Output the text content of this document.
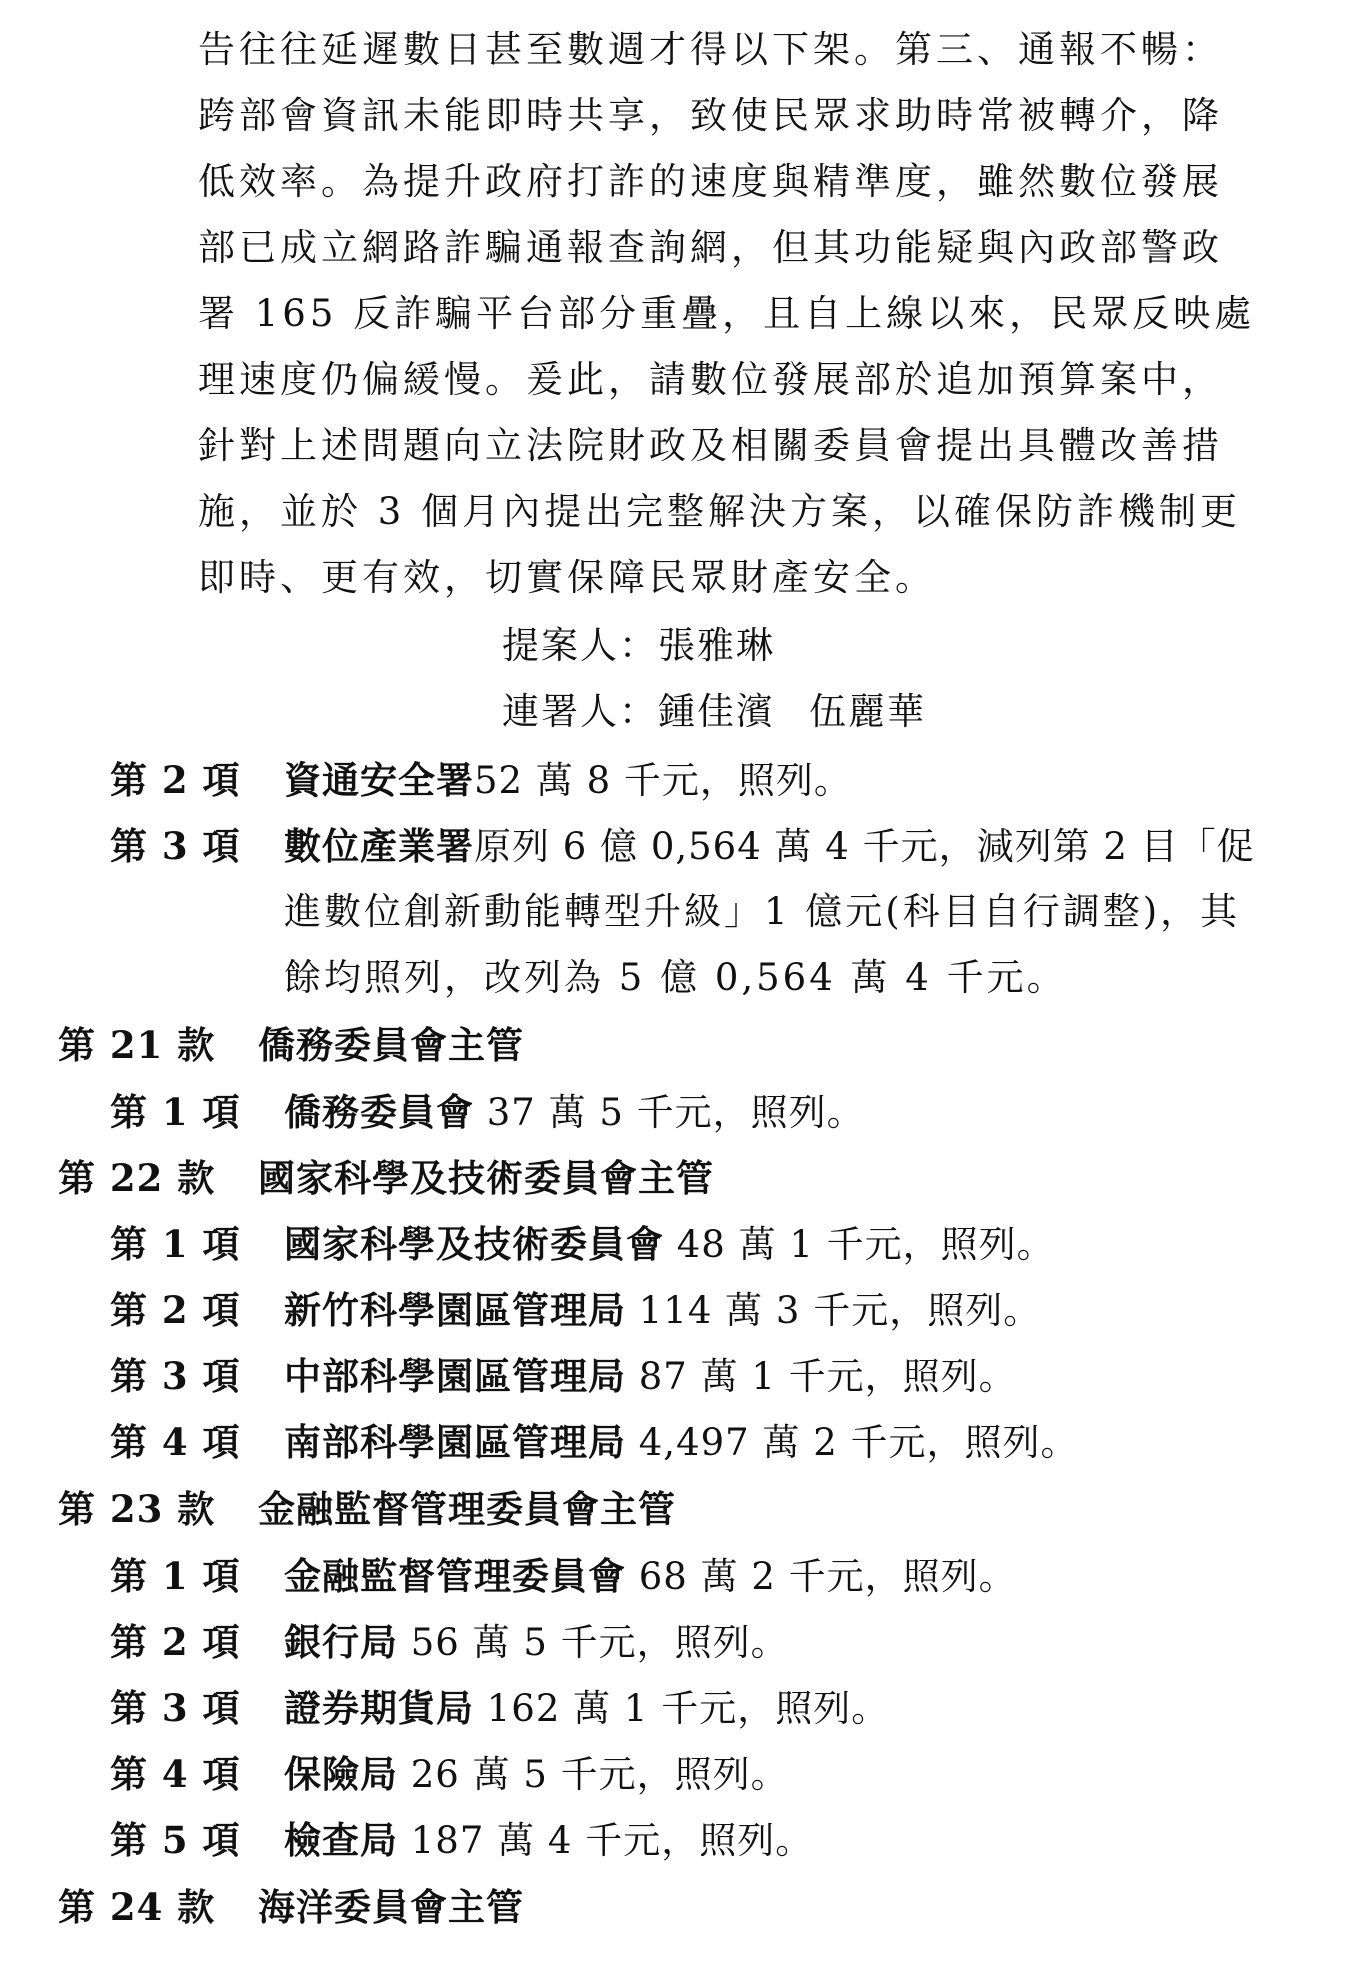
告往往延遲數日甚至數週才得以下架。第三、通報不暢：
跨部會資訊未能即時共享，致使民眾求助時常被轉介，降
低效率。為提升政府打詐的速度與精準度，雖然數位發展
部已成立網路詐騙通報查詢網，但其功能疑與內政部警政
署 165 反詐騙平台部分重疊，且自上線以來，民眾反映處
理速度仍偏緩慢。爰此，請數位發展部於追加預算案中，
針對上述問題向立法院財政及相關委員會提出具體改善措
施，並於 3 個月內提出完整解決方案，以確保防詐機制更
即時、更有效，切實保障民眾財產安全。
提案人：張雅琳
連署人：鍾佳濱 伍麗華
第 2 項 資通安全署52 萬 8 千元，照列。
第 3 項 數位產業署原列 6 億 0,564 萬 4 千元，減列第 2 目「促
進數位創新動能轉型升級」1 億元(科目自行調整)，其
餘均照列，改列為 5 億 0,564 萬 4 千元。
第 21 款 僑務委員會主管
第 1 項 僑務委員會 37 萬 5 千元，照列。
第 22 款 國家科學及技術委員會主管
第 1 項 國家科學及技術委員會 48 萬 1 千元，照列。
第 2 項 新竹科學園區管理局 114 萬 3 千元，照列。
第 3 項 中部科學園區管理局 87 萬 1 千元，照列。
第 4 項 南部科學園區管理局 4,497 萬 2 千元，照列。
第 23 款 金融監督管理委員會主管
第 1 項 金融監督管理委員會 68 萬 2 千元，照列。
第 2 項 銀行局 56 萬 5 千元，照列。
第 3 項 證券期貨局 162 萬 1 千元，照列。
第 4 項 保險局 26 萬 5 千元，照列。
第 5 項 檢查局 187 萬 4 千元，照列。
第 24 款 海洋委員會主管
